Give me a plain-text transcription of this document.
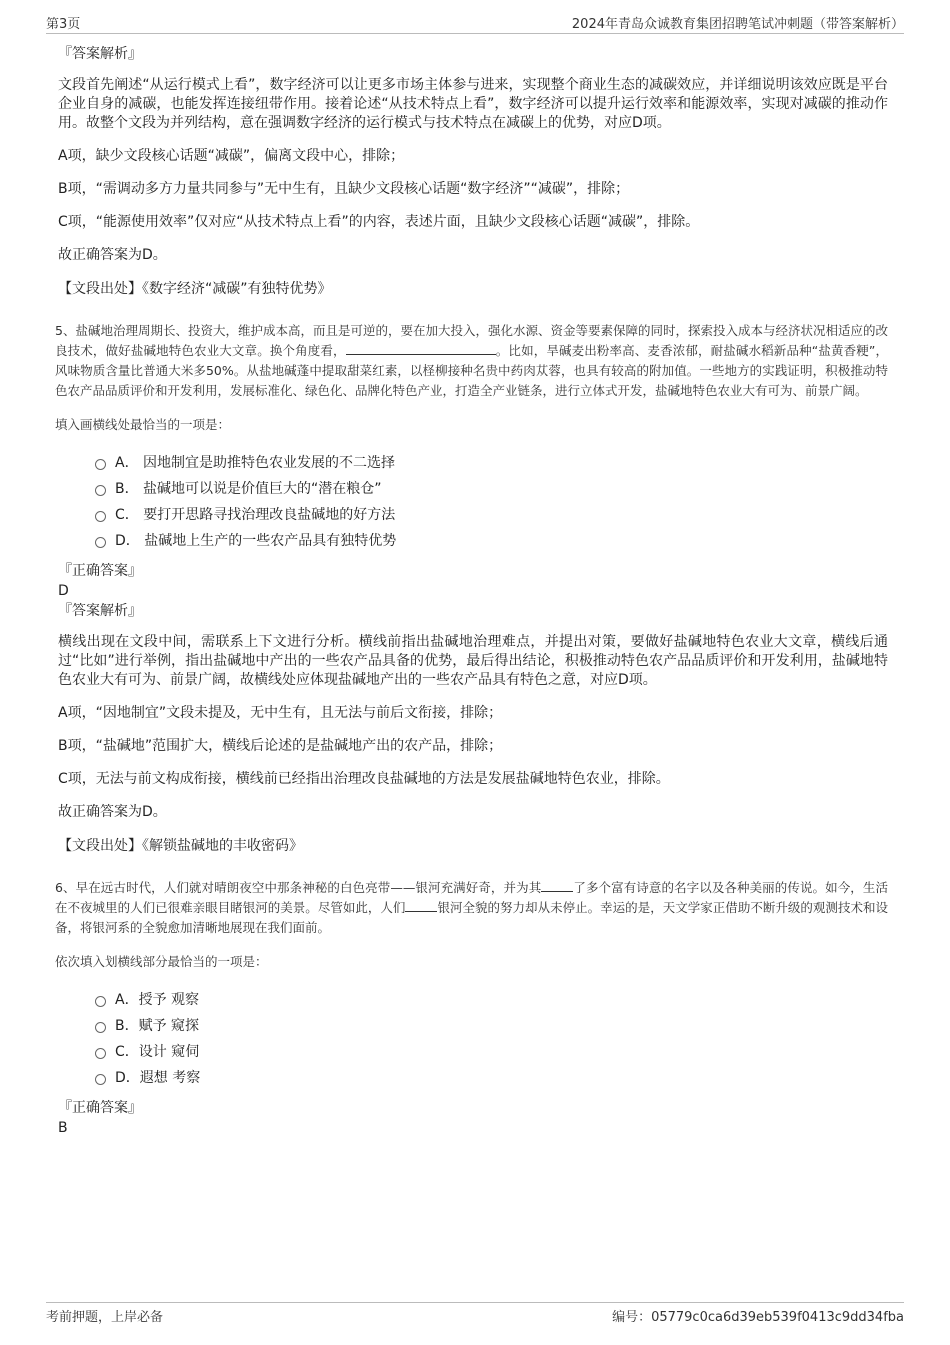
第3页	2024年青岛众诚教育集团招聘笔试冲刺题（带答案解析）
『答案解析』
文段首先阐述“从运行模式上看”，数字经济可以让更多市场主体参与进来，实现整个商业生态的减碳效应，并详细说明该效应既是平台企业自身的减碳，也能发挥连接纽带作用。接着论述“从技术特点上看”，数字经济可以提升运行效率和能源效率，实现对减碳的推动作用。故整个文段为并列结构，意在强调数字经济的运行模式与技术特点在减碳上的优势，对应D项。
A项，缺少文段核心话题“减碳”，偏离文段中心，排除；
B项，“需调动多方力量共同参与”无中生有，且缺少文段核心话题“数字经济”“减碳”，排除；
C项，“能源使用效率”仅对应“从技术特点上看”的内容，表述片面，且缺少文段核心话题“减碳”，排除。
故正确答案为D。
【文段出处】《数字经济“减碳”有独特优势》
5、盐碱地治理周期长、投资大，维护成本高，而且是可逆的，要在加大投入，强化水源、资金等要素保障的同时，探索投入成本与经济状况相适应的改良技术，做好盐碱地特色农业大文章。换个角度看，	。比如，旱碱麦出粉率高、麦香浓郁，耐盐碱水稻新品种“盐黄香粳”，风味物质含量比普通大米多50%。从盐地碱蓬中提取甜菜红素，以柽柳接种名贵中药肉苁蓉，也具有较高的附加值。一些地方的实践证明，积极推动特色农产品品质评价和开发利用，发展标准化、绿色化、品牌化特色产业，打造全产业链条，进行立体式开发，盐碱地特色农业大有可为、前景广阔。
填入画横线处最恰当的一项是：
A． 因地制宜是助推特色农业发展的不二选择
B． 盐碱地可以说是价值巨大的“潜在粮仓”
C． 要打开思路寻找治理改良盐碱地的好方法
D． 盐碱地上生产的一些农产品具有独特优势
『正确答案』
D
『答案解析』
横线出现在文段中间，需联系上下文进行分析。横线前指出盐碱地治理难点，并提出对策，要做好盐碱地特色农业大文章，横线后通过“比如”进行举例，指出盐碱地中产出的一些农产品具备的优势，最后得出结论，积极推动特色农产品品质评价和开发利用，盐碱地特色农业大有可为、前景广阔，故横线处应体现盐碱地产出的一些农产品具有特色之意，对应D项。
A项，“因地制宜”文段未提及，无中生有，且无法与前后文衔接，排除；
B项，“盐碱地”范围扩大，横线后论述的是盐碱地产出的农产品，排除；
C项，无法与前文构成衔接，横线前已经指出治理改良盐碱地的方法是发展盐碱地特色农业，排除。
故正确答案为D。
【文段出处】《解锁盐碱地的丰收密码》
6、早在远古时代，人们就对晴朗夜空中那条神秘的白色亮带——银河充满好奇，并为其	了多个富有诗意的名字以及各种美丽的传说。如今，生活在不夜城里的人们已很难亲眼目睹银河的美景。尽管如此，人们	银河全貌的努力却从未停止。幸运的是，天文学家正借助不断升级的观测技术和设备，将银河系的全貌愈加清晰地展现在我们面前。
依次填入划横线部分最恰当的一项是：
A．授予 观察
B．赋予 窥探
C．设计 窥伺
D．遐想 考察
『正确答案』
B
考前押题，上岸必备	编号：05779c0ca6d39eb539f0413c9dd34fba
